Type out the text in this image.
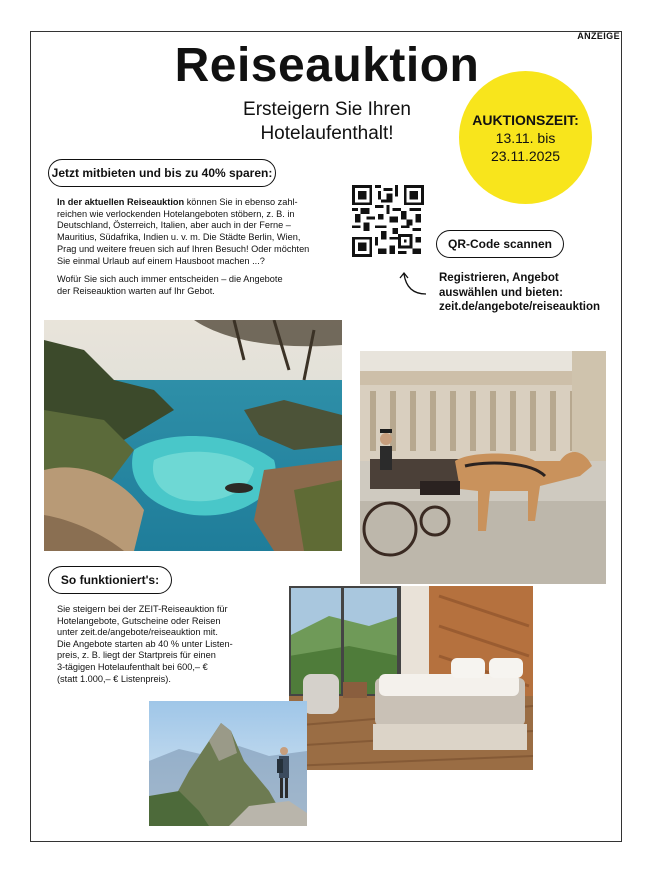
ANZEIGE
Reiseauktion
Ersteigern Sie Ihren
Hotelaufenthalt!
AUKTIONSZEIT:
13.11. bis
23.11.2025
Jetzt mitbieten und bis zu 40% sparen:
In der aktuellen Reiseauktion können Sie in ebenso zahl-
reichen wie verlockenden Hotelangeboten stöbern, z. B. in
Deutschland, Österreich, Italien, aber auch in der Ferne –
Mauritius, Südafrika, Indien u. v. m. Die Städte Berlin, Wien,
Prag und weitere freuen sich auf Ihren Besuch! Oder möchten
Sie einmal Urlaub auf einem Hausboot machen ...?
Wofür Sie sich auch immer entscheiden – die Angebote
der Reiseauktion warten auf Ihr Gebot.
QR-Code scannen
Registrieren, Angebot
auswählen und bieten:
zeit.de/angebote/reiseauktion
So funktioniert's:
Sie steigern bei der ZEIT-Reiseauktion für
Hotelangebote, Gutscheine oder Reisen
unter zeit.de/angebote/reiseauktion mit.
Die Angebote starten ab 40 % unter Listen-
preis, z. B. liegt der Startpreis für einen
3-tägigen Hotelaufenthalt bei 600,– €
(statt 1.000,– € Listenpreis).
